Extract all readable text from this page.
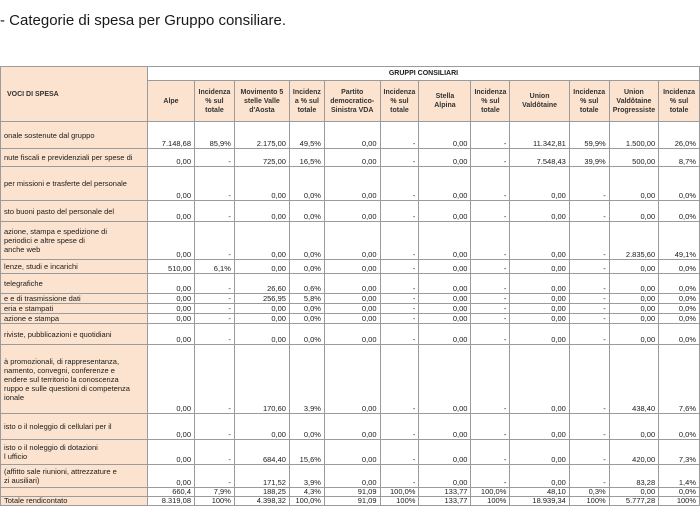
- Categorie di spesa per Gruppo consiliare.
VOCI DI SPESA	GRUPPI CONSILIARI											
	Alpe	Incidenza
% sul
totale	Movimento 5
stelle Valle
d'Aosta	Incidenz
a % sul
totale	Partito
democratico-
Sinistra VDA	Incidenza
% sul
totale	Stella
Alpina	Incidenza
% sul
totale	Union
Valdôtaine	Incidenza
% sul
totale	Union
Valdôtaine
Progressiste	Incidenza
% sul
totale
onale sostenute dal gruppo	7.148,68	85,9%	2.175,00	49,5%	0,00	-	0,00	-	11.342,81	59,9%	1.500,00	26,0%
nute fiscali e previdenziali per spese di	0,00	-	725,00	16,5%	0,00	-	0,00	-	7.548,43	39,9%	500,00	8,7%
per missioni e trasferte del personale	0,00	-	0,00	0,0%	0,00	-	0,00	-	0,00	-	0,00	0,0%
sto buoni pasto del personale del	0,00	-	0,00	0,0%	0,00	-	0,00	-	0,00	-	0,00	0,0%
azione, stampa e spedizione di
periodici e altre spese di
anche web	0,00	-	0,00	0,0%	0,00	-	0,00	-	0,00	-	2.835,60	49,1%
lenze, studi e incarichi	510,00	6,1%	0,00	0,0%	0,00	-	0,00	-	0,00	-	0,00	0,0%
telegrafiche	0,00	-	26,60	0,6%	0,00	-	0,00	-	0,00	-	0,00	0,0%
e e di trasmissione dati	0,00	-	256,95	5,8%	0,00	-	0,00	-	0,00	-	0,00	0,0%
eria e stampati	0,00	-	0,00	0,0%	0,00	-	0,00	-	0,00	-	0,00	0,0%
azione e stampa	0,00	-	0,00	0,0%	0,00	-	0,00	-	0,00	-	0,00	0,0%
riviste, pubblicazioni e quotidiani	0,00	-	0,00	0,0%	0,00	-	0,00	-	0,00	-	0,00	0,0%
à promozionali, di rappresentanza,
namento, convegni, conferenze e
endere sul territorio la conoscenza
ruppo e sulle questioni di competenza
ionale	0,00	-	170,60	3,9%	0,00	-	0,00	-	0,00	-	438,40	7,6%
isto o il noleggio di cellulari per il	0,00	-	0,00	0,0%	0,00	-	0,00	-	0,00	-	0,00	0,0%
isto o il noleggio di dotazioni
l ufficio	0,00	-	684,40	15,6%	0,00	-	0,00	-	0,00	-	420,00	7,3%
(affitto sale riunioni, attrezzature e
zi ausiliari)	0,00	-	171,52	3,9%	0,00	-	0,00	-	0,00	-	83,28	1,4%
	660,4	7,9%	188,25	4,3%	91,09	100,0%	133,77	100,0%	48,10	0,3%	0,00	0,0%
Totale rendicontato	8.319,08	100%	4.398,32	100,0%	91,09	100%	133,77	100%	18.939,34	100%	5.777,28	100%
